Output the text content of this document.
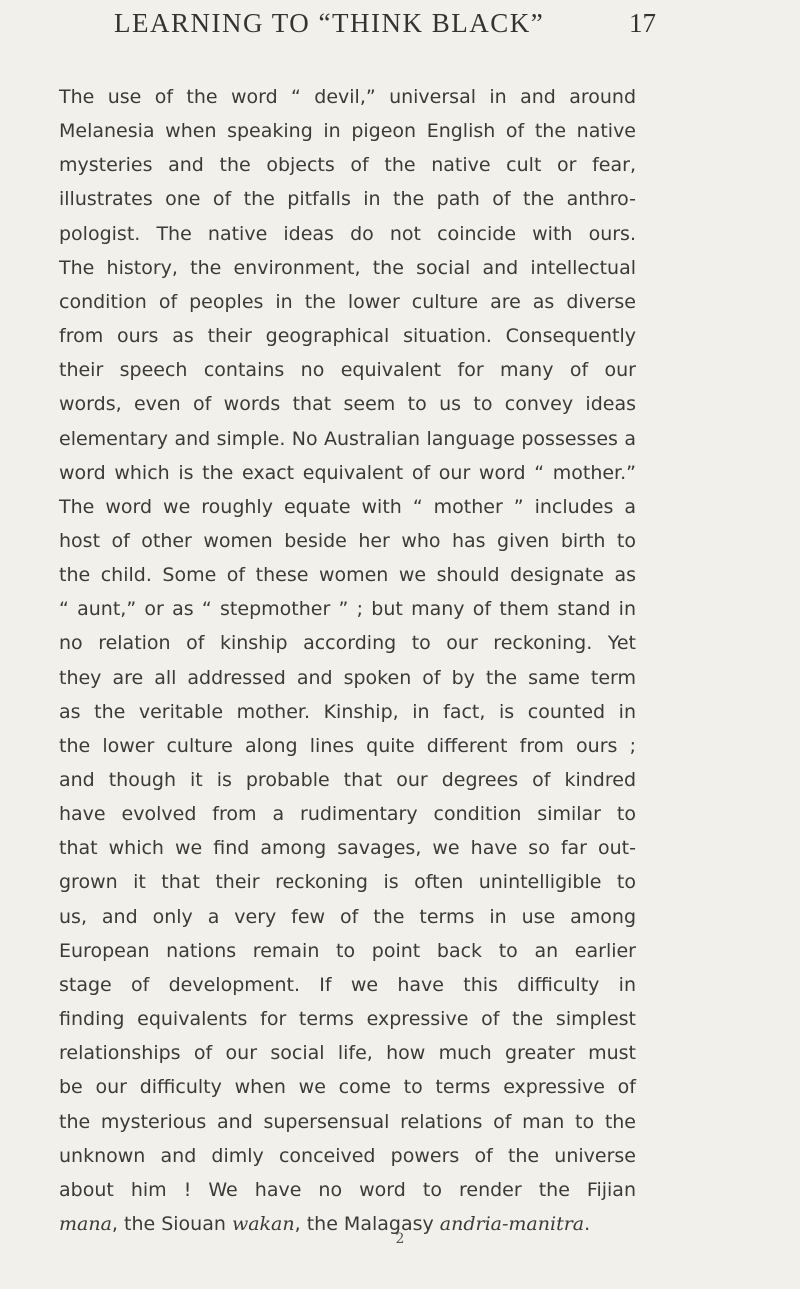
LEARNING TO “THINK BLACK”	17
The use of the word “ devil,” universal in and around
Melanesia when speaking in pigeon English of the native
mysteries and the objects of the native cult or fear,
illustrates one of the pitfalls in the path of the anthro-
pologist. The native ideas do not coincide with ours.
The history, the environment, the social and intellectual
condition of peoples in the lower culture are as diverse
from ours as their geographical situation. Consequently
their speech contains no equivalent for many of our
words, even of words that seem to us to convey ideas
elementary and simple. No Australian language possesses a
word which is the exact equivalent of our word “ mother.”
The word we roughly equate with “ mother ” includes a
host of other women beside her who has given birth to
the child. Some of these women we should designate as
“ aunt,” or as “ stepmother ” ; but many of them stand in
no relation of kinship according to our reckoning. Yet
they are all addressed and spoken of by the same term
as the veritable mother. Kinship, in fact, is counted in
the lower culture along lines quite different from ours ;
and though it is probable that our degrees of kindred
have evolved from a rudimentary condition similar to
that which we find among savages, we have so far out-
grown it that their reckoning is often unintelligible to
us, and only a very few of the terms in use among
European nations remain to point back to an earlier
stage of development. If we have this difficulty in
finding equivalents for terms expressive of the simplest
relationships of our social life, how much greater must
be our difficulty when we come to terms expressive of
the mysterious and supersensual relations of man to the
unknown and dimly conceived powers of the universe
about him ! We have no word to render the Fijian
mana, the Siouan wakan, the Malagasy andria-manitra.
2
